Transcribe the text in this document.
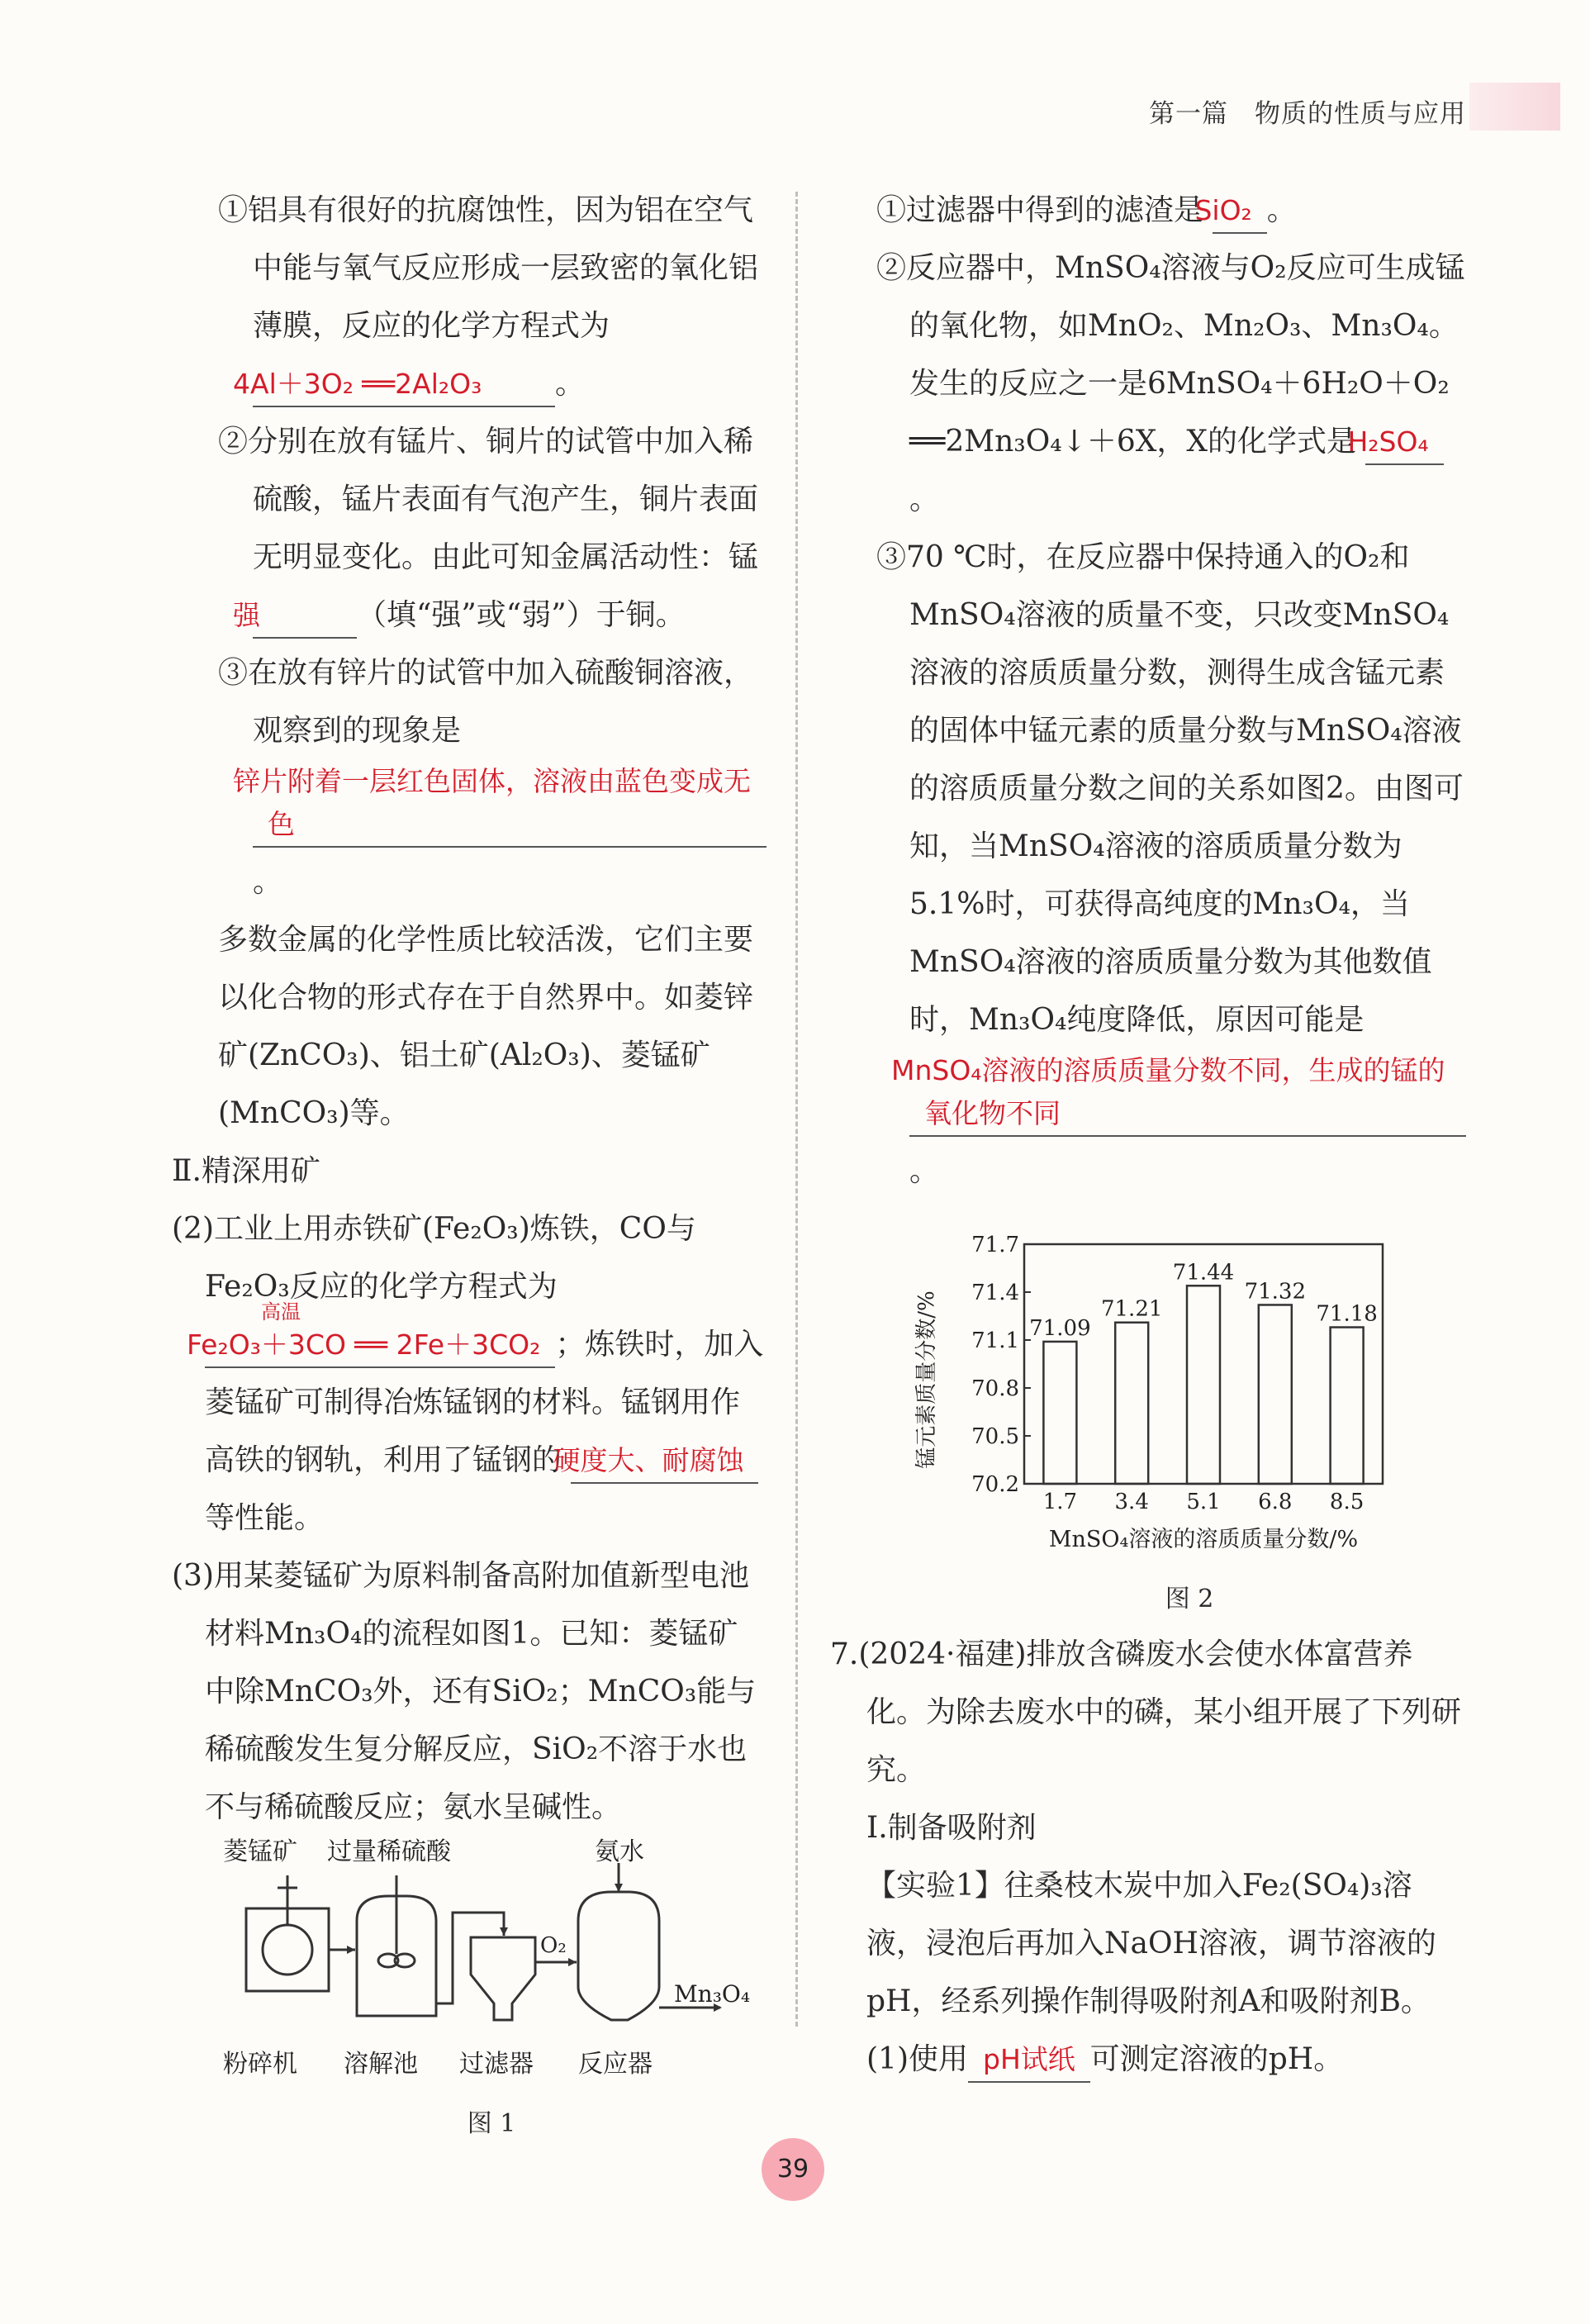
第一篇　物质的性质与应用

①铝具有很好的抗腐蚀性，因为铝在空气中能与氧气反应形成一层致密的氧化铝薄膜，反应的化学方程式为
4Al＋3O₂ ══2Al₂O₃ 。

②分别在放有锰片、铜片的试管中加入稀硫酸，锰片表面有气泡产生，铜片表面无明显变化。由此可知金属活动性：锰 强	（填“强”或“弱”）于铜。

③在放有锌片的试管中加入硫酸铜溶液，观察到的现象是 锌片附着一层红色固体，溶液由蓝色变成无色。

多数金属的化学性质比较活泼，它们主要以化合物的形式存在于自然界中。如菱锌矿(ZnCO₃)、铝土矿(Al₂O₃)、菱锰矿(MnCO₃)等。

Ⅱ.精深用矿

(2)工业上用赤铁矿(Fe₂O₃)炼铁，CO与Fe₂O₃反应的化学方程式为 Fe₂O₃＋3CO ══ 2Fe＋3CO₂
高温
；炼铁时，加入菱锰矿可制得冶炼锰钢的材料。锰钢用作高铁的钢轨，利用了锰钢的 硬度大、耐腐蚀等性能。

(3)用某菱锰矿为原料制备高附加值新型电池材料Mn₃O₄的流程如图1。已知：菱锰矿中除MnCO₃外，还有SiO₂；MnCO₃能与稀硫酸发生复分解反应，SiO₂不溶于水也不与稀硫酸反应；氨水呈碱性。

菱锰矿 过量稀硫酸	氨水
O₂
Mn₃O₄
粉碎机 溶解池 过滤器 反应器
图 1

①过滤器中得到的滤渣是 SiO₂ 。

②反应器中，MnSO₄溶液与O₂反应可生成锰的氧化物，如MnO₂、Mn₂O₃、Mn₃O₄。发生的反应之一是6MnSO₄＋6H₂O＋O₂ ══2Mn₃O₄↓＋6X，X的化学式是 H₂SO₄。

③70 ℃时，在反应器中保持通入的O₂和MnSO₄溶液的质量不变，只改变MnSO₄溶液的溶质质量分数，测得生成含锰元素的固体中锰元素的质量分数与MnSO₄溶液的溶质质量分数之间的关系如图2。由图可知，当MnSO₄溶液的溶质质量分数为5.1%时，可获得高纯度的Mn₃O₄，当MnSO₄溶液的溶质质量分数为其他数值时，Mn₃O₄纯度降低，原因可能是 MnSO₄溶液的溶质质量分数不同，生成的锰的氧化物不同。

70.2
70.5
70.8
71.1
71.4
71.7
71.09
71.21
71.44
71.32
71.18
1.7 3.4 5.1 6.8 8.5
锰元素质量分数/%
MnSO₄溶液的溶质质量分数/%
图 2

7.(2024·福建)排放含磷废水会使水体富营养化。为除去废水中的磷，某小组开展了下列研究。

Ⅰ.制备吸附剂

【实验1】往桑枝木炭中加入Fe₂(SO₄)₃溶液，浸泡后再加入NaOH溶液，调节溶液的pH，经系列操作制得吸附剂A和吸附剂B。

(1)使用 pH试纸 可测定溶液的pH。

39
